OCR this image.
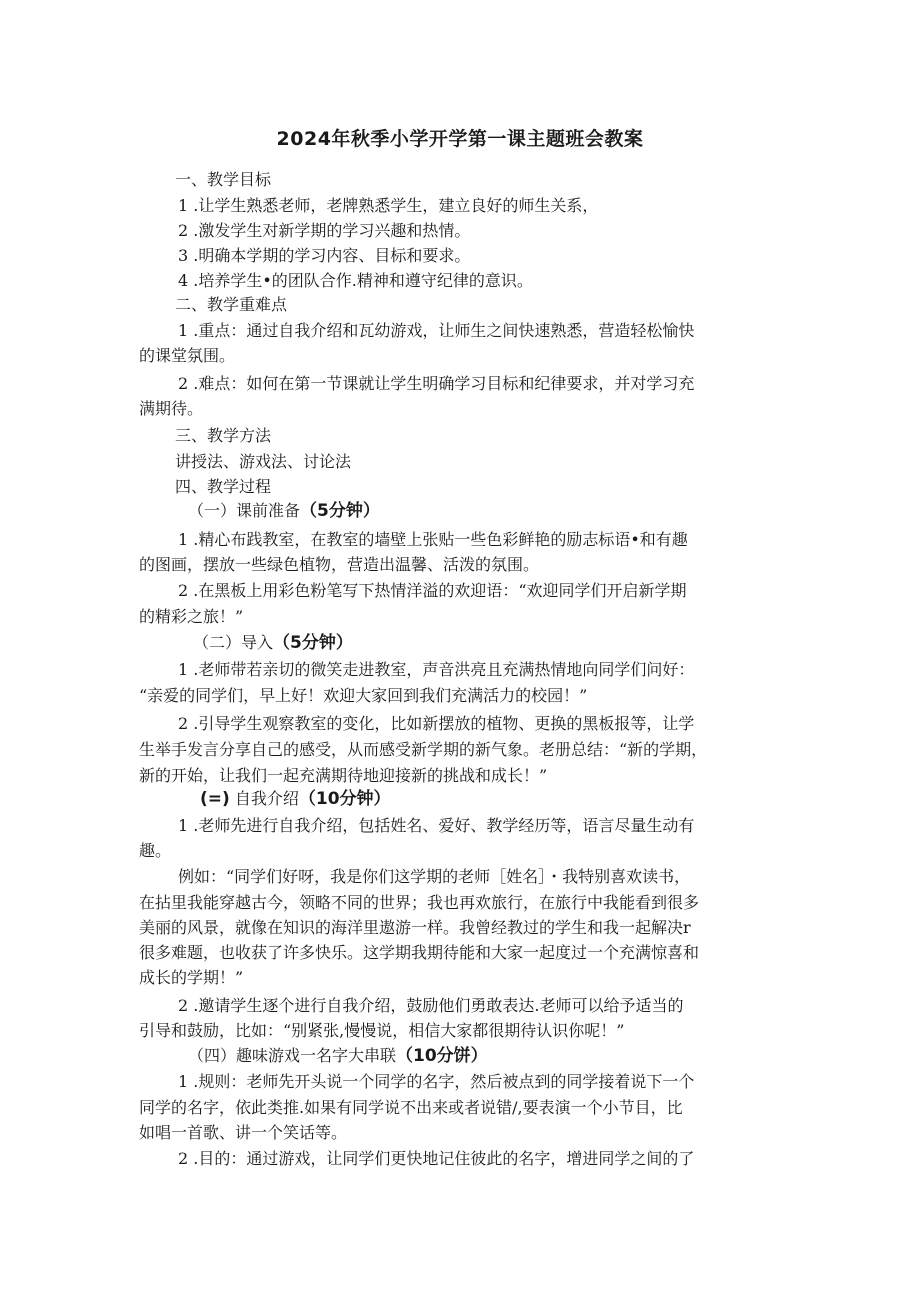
2024年秋季小学开学第一课主题班会教案
一、教学目标
1 .让学生熟悉老师，老牌熟悉学生，建立良好的师生关系，
2 .激发学生对新学期的学习兴趣和热情。
3 .明确本学期的学习内容、目标和要求。
4 .培养学生•的团队合作.精神和遵守纪律的意识。
二、教学重难点
1 .重点：通过自我介绍和瓦幼游戏，让师生之间快速熟悉，营造轻松愉快
的课堂氛围。
2 .难点：如何在第一节课就让学生明确学习目标和纪律要求，并对学习充
满期待。
三、教学方法
讲授法、游戏法、讨论法
四、教学过程
（一）课前准备（5分钟）
1 .精心布践教室，在教室的墙壁上张贴一些色彩鲜艳的励志标语•和有趣
的图画，摆放一些绿色植物，营造出温馨、活泼的氛围。
2 .在黑板上用彩色粉笔写下热情洋溢的欢迎语：“欢迎同学们开启新学期
的精彩之旅！”
（二）导入（5分钟）
1 .老师带若亲切的微笑走进教室，声音洪亮且充满热情地向同学们问好：
“亲爱的同学们，早上好！欢迎大家回到我们充满活力的校园！”
2 .引导学生观察教室的变化，比如新摆放的植物、更换的黑板报等，让学
生举手发言分享自己的感受，从而感受新学期的新气象。老册总结：“新的学期，
新的开始，让我们一起充满期待地迎接新的挑战和成长！”
(=) 自我介绍（10分钟）
1 .老师先进行自我介绍，包括姓名、爱好、教学经历等，语言尽量生动有
趣。
例如：“同学们好呀，我是你们这学期的老师［姓名］・我特别喜欢读书，
在拈里我能穿越古今，领略不同的世界；我也再欢旅行，在旅行中我能看到很多
美丽的风景，就像在知识的海洋里遨游一样。我曾经教过的学生和我一起解决r
很多难题，也收获了许多快乐。这学期我期待能和大家一起度过一个充满惊喜和
成长的学期！”
2 .邀请学生逐个进行自我介绍，鼓励他们勇敢表达.老师可以给予适当的
引导和鼓励，比如：“别紧张,慢慢说，相信大家都很期待认识你呢！”
（四）趣味游戏一名字大串联（10分饼）
1 .规则：老师先开头说一个同学的名字，然后被点到的同学接着说下一个
同学的名字，依此类推.如果有同学说不出来或者说错/,要表演一个小节目，比
如唱一首歌、讲一个笑话等。
2 .目的：通过游戏，让同学们更快地记住彼此的名字，增进同学之间的了
